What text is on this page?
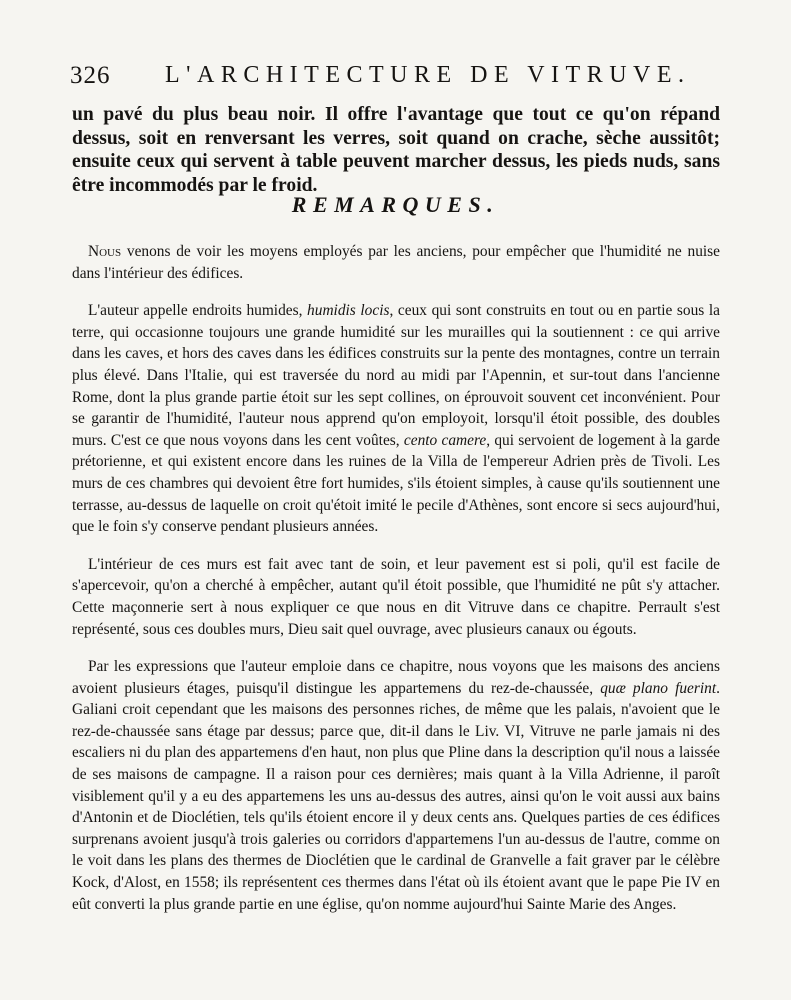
326 L'ARCHITECTURE DE VITRUVE.

un pavé du plus beau noir. Il offre l'avantage que tout ce qu'on répand dessus, soit en renversant les verres, soit quand on crache, sèche aussitôt; ensuite ceux qui servent à table peuvent marcher dessus, les pieds nuds, sans être incommodés par le froid.

REMARQUES.

Nous venons de voir les moyens employés par les anciens, pour empêcher que l'humidité ne nuise dans l'intérieur des édifices.

L'auteur appelle endroits humides, humidis locis, ceux qui sont construits en tout ou en partie sous la terre, qui occasionne toujours une grande humidité sur les murailles qui la soutiennent : ce qui arrive dans les caves, et hors des caves dans les édifices construits sur la pente des montagnes, contre un terrain plus élevé. Dans l'Italie, qui est traversée du nord au midi par l'Apennin, et sur-tout dans l'ancienne Rome, dont la plus grande partie étoit sur les sept collines, on éprouvoit souvent cet inconvénient. Pour se garantir de l'humidité, l'auteur nous apprend qu'on employoit, lorsqu'il étoit possible, des doubles murs. C'est ce que nous voyons dans les cent voûtes, cento camere, qui servoient de logement à la garde prétorienne, et qui existent encore dans les ruines de la Villa de l'empereur Adrien près de Tivoli. Les murs de ces chambres qui devoient être fort humides, s'ils étoient simples, à cause qu'ils soutiennent une terrasse, au-dessus de laquelle on croit qu'étoit imité le pecile d'Athènes, sont encore si secs aujourd'hui, que le foin s'y conserve pendant plusieurs années.

L'intérieur de ces murs est fait avec tant de soin, et leur pavement est si poli, qu'il est facile de s'apercevoir, qu'on a cherché à empêcher, autant qu'il étoit possible, que l'humidité ne pût s'y attacher. Cette maçonnerie sert à nous expliquer ce que nous en dit Vitruve dans ce chapitre. Perrault s'est représenté, sous ces doubles murs, Dieu sait quel ouvrage, avec plusieurs canaux ou égouts.

Par les expressions que l'auteur emploie dans ce chapitre, nous voyons que les maisons des anciens avoient plusieurs étages, puisqu'il distingue les appartemens du rez-de-chaussée, quæ plano fuerint. Galiani croit cependant que les maisons des personnes riches, de même que les palais, n'avoient que le rez-de-chaussée sans étage par dessus; parce que, dit-il dans le Liv. VI, Vitruve ne parle jamais ni des escaliers ni du plan des appartemens d'en haut, non plus que Pline dans la description qu'il nous a laissée de ses maisons de campagne. Il a raison pour ces dernières; mais quant à la Villa Adrienne, il paroît visiblement qu'il y a eu des appartemens les uns au-dessus des autres, ainsi qu'on le voit aussi aux bains d'Antonin et de Dioclétien, tels qu'ils étoient encore il y deux cents ans. Quelques parties de ces édifices surprenans avoient jusqu'à trois galeries ou corridors d'appartemens l'un au-dessus de l'autre, comme on le voit dans les plans des thermes de Dioclétien que le cardinal de Granvelle a fait graver par le célèbre Kock, d'Alost, en 1558; ils représentent ces thermes dans l'état où ils étoient avant que le pape Pie IV en eût converti la plus grande partie en une église, qu'on nomme aujourd'hui Sainte Marie des Anges.
